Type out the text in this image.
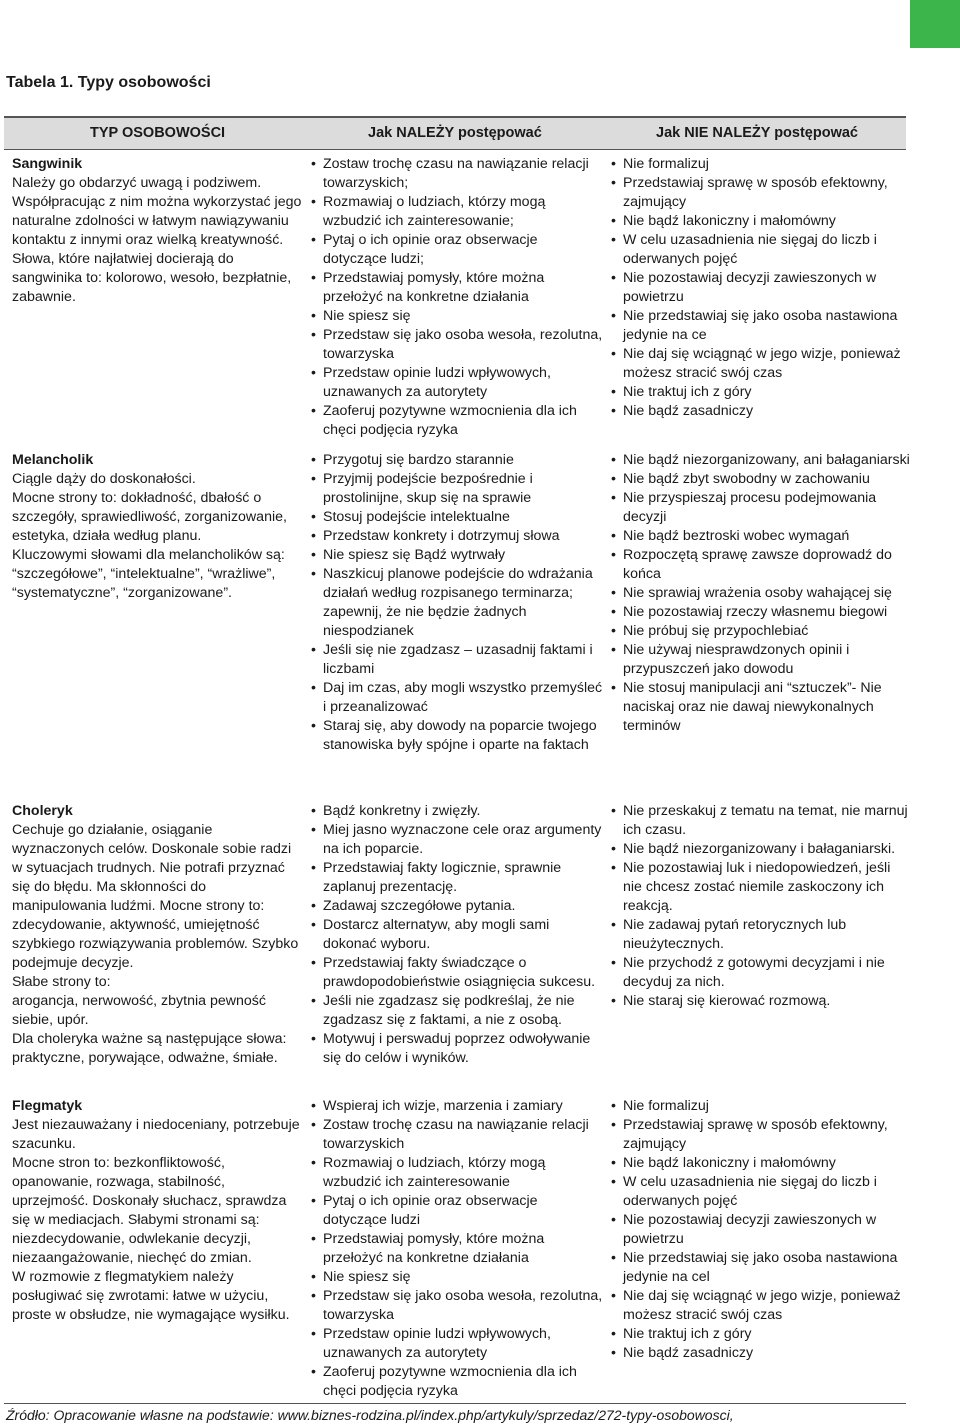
Tabela 1. Typy osobowości
TYP OSOBOWOŚCI	Jak NALEŻY postępować	Jak NIE NALEŻY postępować
Sangwinik

Należy go obdarzyć uwagą i podziwem.

Współpracując z nim można wykorzystać jego naturalne zdolności w łatwym nawiązywaniu kontaktu z innymi oraz wielką kreatywność.

Słowa, które najłatwiej docierają do sangwinika to: kolorowo, wesoło, bezpłatnie, zabawnie.

• Zostaw trochę czasu na nawiązanie relacji towarzyskich;
• Rozmawiaj o ludziach, którzy mogą wzbudzić ich zainteresowanie;
• Pytaj o ich opinie oraz obserwacje dotyczące ludzi;
• Przedstawiaj pomysły, które można przełożyć na konkretne działania
• Nie spiesz się
• Przedstaw się jako osoba wesoła, rezolutna, towarzyska
• Przedstaw opinie ludzi wpływowych, uznawanych za autorytety
• Zaoferuj pozytywne wzmocnienia dla ich chęci podjęcia ryzyka
• Nie formalizuj
• Przedstawiaj sprawę w sposób efektowny, zajmujący
• Nie bądź lakoniczny i małomówny
• W celu uzasadnienia nie sięgaj do liczb i oderwanych pojęć
• Nie pozostawiaj decyzji zawieszonych w powietrzu
• Nie przedstawiaj się jako osoba nastawiona jedynie na ce
• Nie daj się wciągnąć w jego wizje, ponieważ możesz stracić swój czas
• Nie traktuj ich z góry
• Nie bądź zasadniczy
Melancholik

Ciągle dąży do doskonałości.

Mocne strony to: dokładność, dbałość o szczegóły, sprawiedliwość, zorganizowanie, estetyka, działa według planu.

Kluczowymi słowami dla melancholików są: “szczegółowe”, “intelektualne”, “wrażliwe”, “systematyczne”, “zorganizowane”.

• Przygotuj się bardzo starannie
• Przyjmij podejście bezpośrednie i prostolinijne, skup się na sprawie
• Stosuj podejście intelektualne
• Przedstaw konkrety i dotrzymuj słowa
• Nie spiesz się Bądź wytrwały
• Naszkicuj planowe podejście do wdrażania działań według rozpisanego terminarza; zapewnij, że nie będzie żadnych niespodzianek
• Jeśli się nie zgadzasz – uzasadnij faktami i liczbami
• Daj im czas, aby mogli wszystko przemyśleć i przeanalizować
• Staraj się, aby dowody na poparcie twojego stanowiska były spójne i oparte na faktach
• Nie bądź niezorganizowany, ani bałaganiarski
• Nie bądź zbyt swobodny w zachowaniu
• Nie przyspieszaj procesu podejmowania decyzji
• Nie bądź beztroski wobec wymagań
• Rozpoczętą sprawę zawsze doprowadź do końca
• Nie sprawiaj wrażenia osoby wahającej się
• Nie pozostawiaj rzeczy własnemu biegowi
• Nie próbuj się przypochlebiać
• Nie używaj niesprawdzonych opinii i przypuszczeń jako dowodu
• Nie stosuj manipulacji ani “sztuczek”- Nie naciskaj oraz nie dawaj niewykonalnych terminów
Choleryk

Cechuje go działanie, osiąganie wyznaczonych celów. Doskonale sobie radzi w sytuacjach trudnych. Nie potrafi przyznać się do błędu. Ma skłonności do manipulowania ludźmi. Mocne strony to: zdecydowanie, aktywność, umiejętność szybkiego rozwiązywania problemów. Szybko podejmuje decyzje.

Słabe strony to:

arogancja, nerwowość, zbytnia pewność siebie, upór.

Dla choleryka ważne są następujące słowa: praktyczne, porywające, odważne, śmiałe.

• Bądź konkretny i zwięzły.
• Miej jasno wyznaczone cele oraz argumenty na ich poparcie.
• Przedstawiaj fakty logicznie, sprawnie zaplanuj prezentację.
• Zadawaj szczegółowe pytania.
• Dostarcz alternatyw, aby mogli sami dokonać wyboru.
• Przedstawiaj fakty świadczące o prawdopodobieństwie osiągnięcia sukcesu.
• Jeśli nie zgadzasz się podkreślaj, że nie zgadzasz się z faktami, a nie z osobą.
• Motywuj i perswaduj poprzez odwoływanie się do celów i wyników.
• Nie przeskakuj z tematu na temat, nie marnuj ich czasu.
• Nie bądź niezorganizowany i bałaganiarski.
• Nie pozostawiaj luk i niedopowiedzeń, jeśli nie chcesz zostać niemile zaskoczony ich reakcją.
• Nie zadawaj pytań retorycznych lub nieużytecznych.
• Nie przychodź z gotowymi decyzjami i nie decyduj za nich.
• Nie staraj się kierować rozmową.
Flegmatyk

Jest niezauważany i niedoceniany, potrzebuje szacunku.

Mocne stron to: bezkonfliktowość, opanowanie, rozwaga, stabilność, uprzejmość. Doskonały słuchacz, sprawdza się w mediacjach. Słabymi stronami są: niezdecydowanie, odwlekanie decyzji, niezaangażowanie, niechęć do zmian.

W rozmowie z flegmatykiem należy posługiwać się zwrotami: łatwe w użyciu, proste w obsłudze, nie wymagające wysiłku.

• Wspieraj ich wizje, marzenia i zamiary
• Zostaw trochę czasu na nawiązanie relacji towarzyskich
• Rozmawiaj o ludziach, którzy mogą wzbudzić ich zainteresowanie
• Pytaj o ich opinie oraz obserwacje dotyczące ludzi
• Przedstawiaj pomysły, które można przełożyć na konkretne działania
• Nie spiesz się
• Przedstaw się jako osoba wesoła, rezolutna, towarzyska
• Przedstaw opinie ludzi wpływowych, uznawanych za autorytety
• Zaoferuj pozytywne wzmocnienia dla ich chęci podjęcia ryzyka
• Nie formalizuj
• Przedstawiaj sprawę w sposób efektowny, zajmujący
• Nie bądź lakoniczny i małomówny
• W celu uzasadnienia nie sięgaj do liczb i oderwanych pojęć
• Nie pozostawiaj decyzji zawieszonych w powietrzu
• Nie przedstawiaj się jako osoba nastawiona jedynie na cel
• Nie daj się wciągnąć w jego wizje, ponieważ możesz stracić swój czas
• Nie traktuj ich z góry
• Nie bądź zasadniczy
Źródło: Opracowanie własne na podstawie: www.biznes-rodzina.pl/index.php/artykuly/sprzedaz/272-typy-osobowosci,
